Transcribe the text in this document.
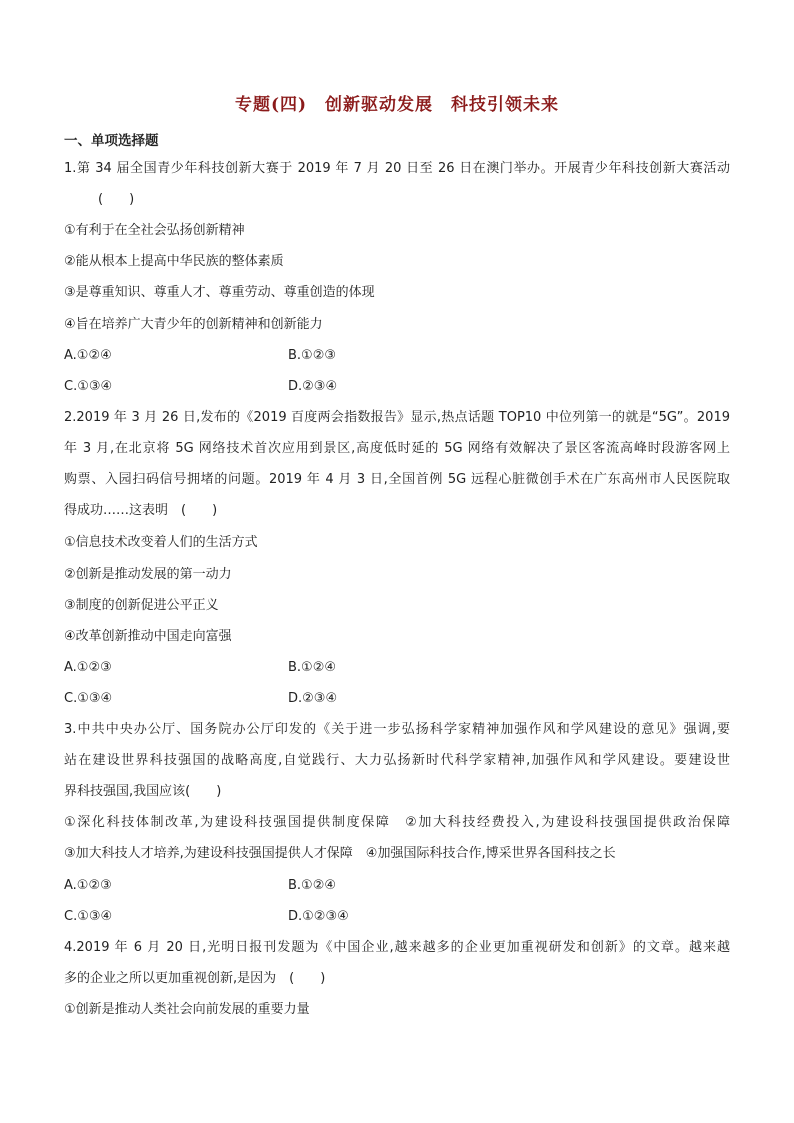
专题(四) 创新驱动发展 科技引领未来
一、单项选择题
1.第 34 届全国青少年科技创新大赛于 2019 年 7 月 20 日至 26 日在澳门举办。开展青少年科技创新大赛活动
(　　)
①有利于在全社会弘扬创新精神
②能从根本上提高中华民族的整体素质
③是尊重知识、尊重人才、尊重劳动、尊重创造的体现
④旨在培养广大青少年的创新精神和创新能力
A.①②④	B.①②③
C.①③④	D.②③④
2.2019 年 3 月 26 日,发布的《2019 百度两会指数报告》显示,热点话题 TOP10 中位列第一的就是“5G”。2019
年 3 月,在北京将 5G 网络技术首次应用到景区,高度低时延的 5G 网络有效解决了景区客流高峰时段游客网上
购票、入园扫码信号拥堵的问题。2019 年 4 月 3 日,全国首例 5G 远程心脏微创手术在广东高州市人民医院取
得成功……这表明　(　　)
①信息技术改变着人们的生活方式
②创新是推动发展的第一动力
③制度的创新促进公平正义
④改革创新推动中国走向富强
A.①②③	B.①②④
C.①③④	D.②③④
3.中共中央办公厅、国务院办公厅印发的《关于进一步弘扬科学家精神加强作风和学风建设的意见》强调,要
站在建设世界科技强国的战略高度,自觉践行、大力弘扬新时代科学家精神,加强作风和学风建设。要建设世
界科技强国,我国应该(　　)
①深化科技体制改革,为建设科技强国提供制度保障　②加大科技经费投入,为建设科技强国提供政治保障
③加大科技人才培养,为建设科技强国提供人才保障　④加强国际科技合作,博采世界各国科技之长
A.①②③	B.①②④
C.①③④	D.①②③④
4.2019 年 6 月 20 日,光明日报刊发题为《中国企业,越来越多的企业更加重视研发和创新》的文章。越来越
多的企业之所以更加重视创新,是因为　(　　)
①创新是推动人类社会向前发展的重要力量
